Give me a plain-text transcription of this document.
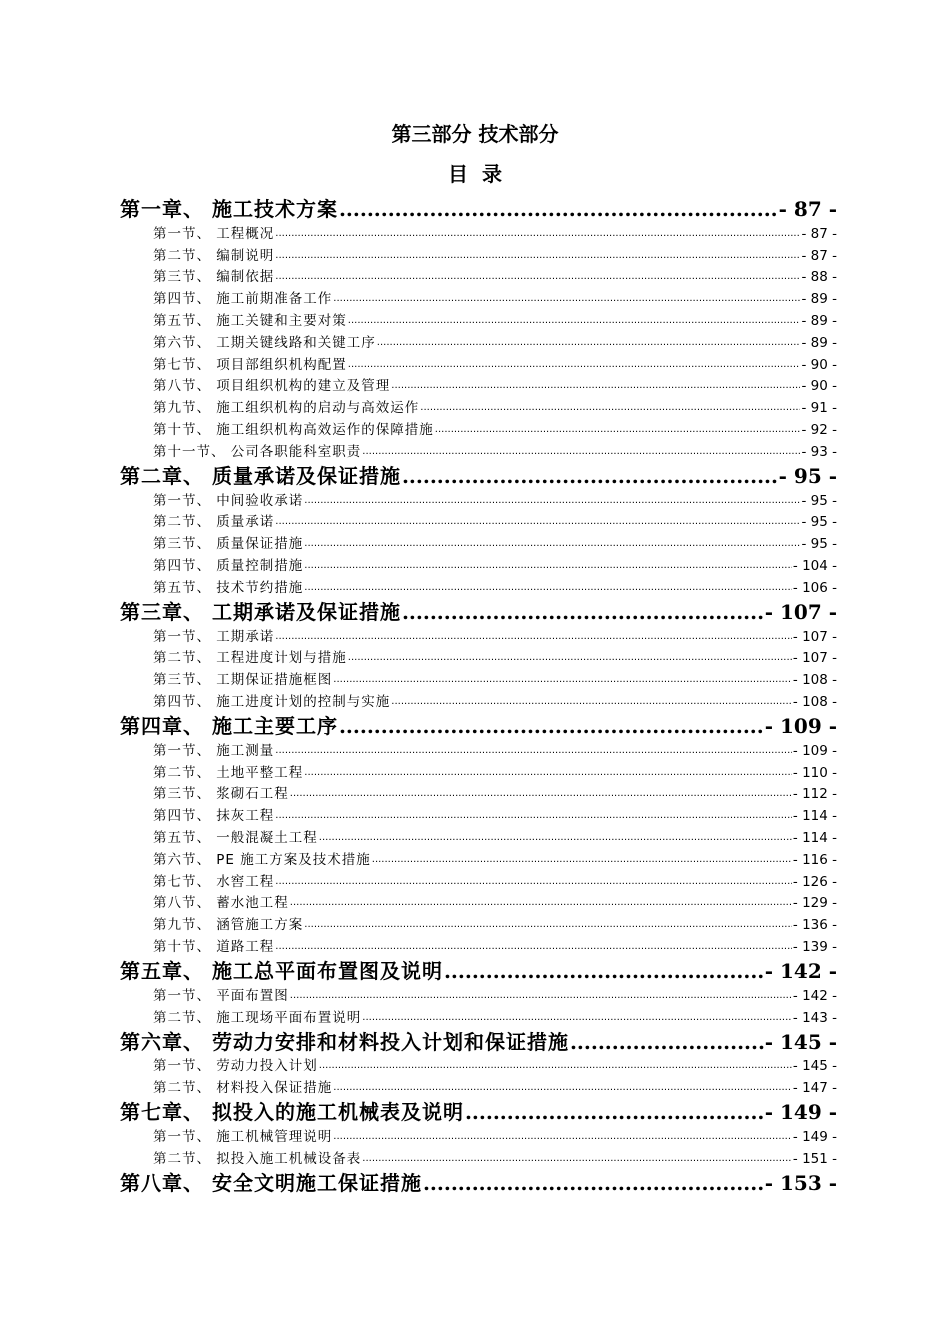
第三部分 技术部分
目录
第一章、 施工技术方案 .....	- 87 -
第一节、 工程概况 .....	- 87 -
第二节、 编制说明 .....	- 87 -
第三节、 编制依据 .....	- 88 -
第四节、 施工前期准备工作 .....	- 89 -
第五节、 施工关键和主要对策 .....	- 89 -
第六节、 工期关键线路和关键工序 .....	- 89 -
第七节、 项目部组织机构配置 .....	- 90 -
第八节、 项目组织机构的建立及管理 .....	- 90 -
第九节、 施工组织机构的启动与高效运作 .....	- 91 -
第十节、 施工组织机构高效运作的保障措施 .....	- 92 -
第十一节、 公司各职能科室职责 .....	- 93 -
第二章、 质量承诺及保证措施 .....	- 95 -
第一节、 中间验收承诺 .....	- 95 -
第二节、 质量承诺 .....	- 95 -
第三节、 质量保证措施 .....	- 95 -
第四节、 质量控制措施 .....	- 104 -
第五节、 技术节约措施 .....	- 106 -
第三章、 工期承诺及保证措施 .....	- 107 -
第一节、 工期承诺 .....	- 107 -
第二节、 工程进度计划与措施 .....	- 107 -
第三节、 工期保证措施框图 .....	- 108 -
第四节、 施工进度计划的控制与实施 .....	- 108 -
第四章、 施工主要工序 .....	- 109 -
第一节、 施工测量 .....	- 109 -
第二节、 土地平整工程 .....	- 110 -
第三节、 浆砌石工程 .....	- 112 -
第四节、 抹灰工程 .....	- 114 -
第五节、 一般混凝土工程 .....	- 114 -
第六节、 PE 施工方案及技术措施 .....	- 116 -
第七节、 水窖工程 .....	- 126 -
第八节、 蓄水池工程 .....	- 129 -
第九节、 涵管施工方案 .....	- 136 -
第十节、 道路工程 .....	- 139 -
第五章、 施工总平面布置图及说明 .....	- 142 -
第一节、 平面布置图 .....	- 142 -
第二节、 施工现场平面布置说明 .....	- 143 -
第六章、 劳动力安排和材料投入计划和保证措施 .....	- 145 -
第一节、 劳动力投入计划 .....	- 145 -
第二节、 材料投入保证措施 .....	- 147 -
第七章、 拟投入的施工机械表及说明 .....	- 149 -
第一节、 施工机械管理说明 .....	- 149 -
第二节、 拟投入施工机械设备表 .....	- 151 -
第八章、 安全文明施工保证措施 .....	- 153 -
